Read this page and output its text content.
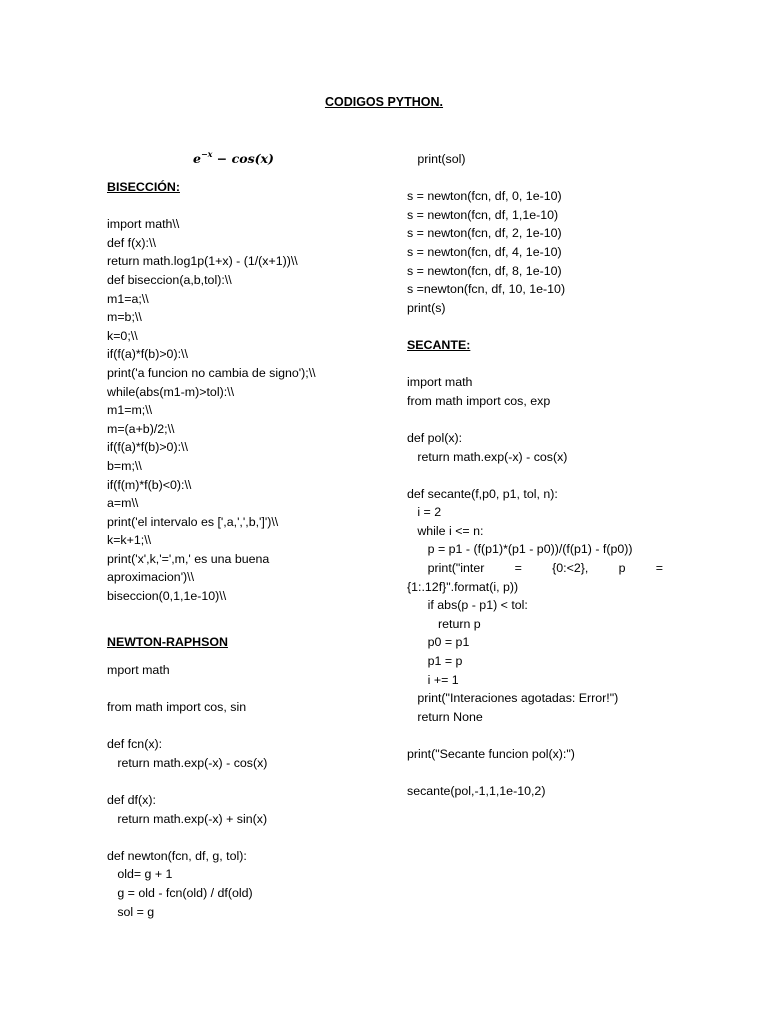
CODIGOS PYTHON.
$e^{-x} - \cos(x)$
BISECCIÓN:
import math\\
def f(x):\\
return math.log1p(1+x) - (1/(x+1))\\
def biseccion(a,b,tol):\\
m1=a;\\
m=b;\\
k=0;\\
if(f(a)*f(b)>0):\\
print('a funcion no cambia de signo');\\
while(abs(m1-m)>tol):\\
m1=m;\\
m=(a+b)/2;\\
if(f(a)*f(b)>0):\\
b=m;\\
if(f(m)*f(b)<0):\\
a=m\\
print('el intervalo es [',a,',',b,']')\\
k=k+1;\\
print('x',k,'=',m,' es una buena
aproximacion')\\
biseccion(0,1,1e-10)\\
NEWTON-RAPHSON
mport math
from math import cos, sin
def fcn(x):
return math.exp(-x) - cos(x)
def df(x):
return math.exp(-x) + sin(x)
def newton(fcn, df, g, tol):
old= g + 1
g = old - fcn(old) / df(old)
sol = g
print(sol)
s = newton(fcn, df, 0, 1e-10)
s = newton(fcn, df, 1,1e-10)
s = newton(fcn, df, 2, 1e-10)
s = newton(fcn, df, 4, 1e-10)
s = newton(fcn, df, 8, 1e-10)
s =newton(fcn, df, 10, 1e-10)
print(s)
SECANTE:
import math
from math import cos, exp
def pol(x):
return math.exp(-x) - cos(x)
def secante(f,p0, p1, tol, n):
i = 2
while i <= n:
p = p1 - (f(p1)*(p1 - p0))/(f(p1) - f(p0))
print("inter = {0:<2}, p =
{1:.12f}".format(i, p))
if abs(p - p1) < tol:
return p
p0 = p1
p1 = p
i += 1
print("Interaciones agotadas: Error!")
return None
print("Secante funcion pol(x):")
secante(pol,-1,1,1e-10,2)
